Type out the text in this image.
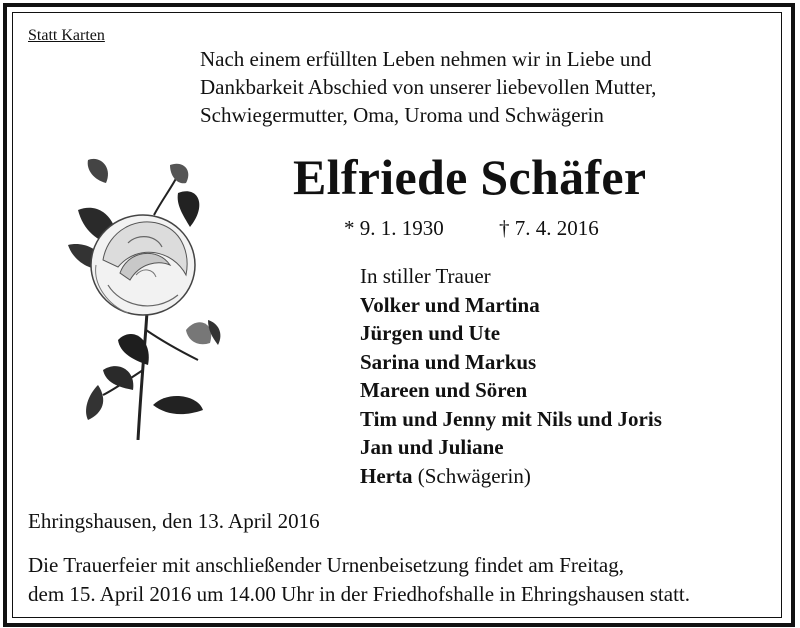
Statt Karten
Nach einem erfüllten Leben nehmen wir in Liebe und
Dankbarkeit Abschied von unserer liebevollen Mutter,
Schwiegermutter, Oma, Uroma und Schwägerin
Elfriede Schäfer
* 9. 1. 1930	† 7. 4. 2016
In stiller Trauer
Volker und Martina
Jürgen und Ute
Sarina und Markus
Mareen und Sören
Tim und Jenny mit Nils und Joris
Jan und Juliane
Herta (Schwägerin)
Ehringshausen, den 13. April 2016
Die Trauerfeier mit anschließender Urnenbeisetzung findet am Freitag,
dem 15. April 2016 um 14.00 Uhr in der Friedhofshalle in Ehringshausen statt.
